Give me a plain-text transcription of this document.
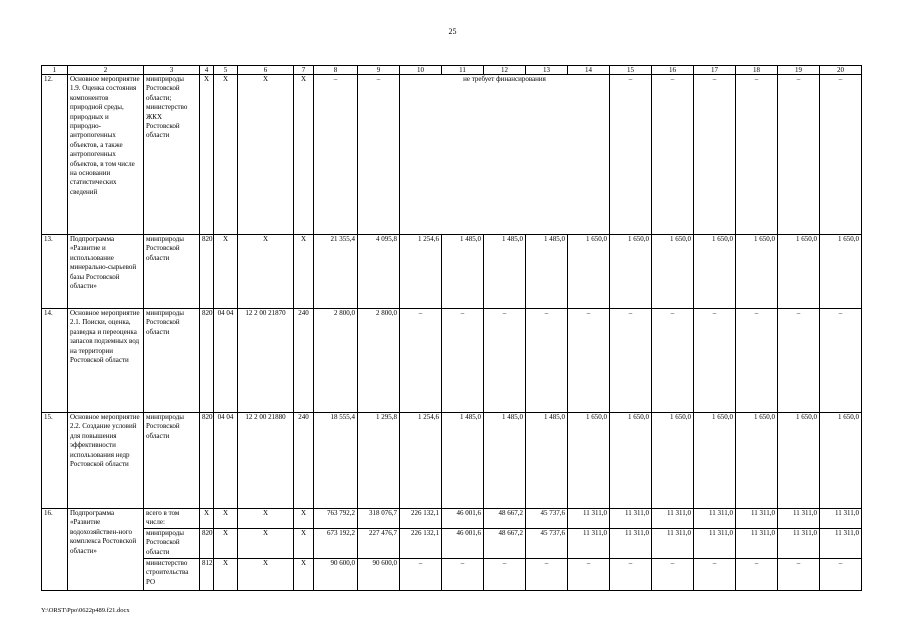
25
1	2	3	4	5	6	7	8	9	10	11	12	13	14	15	16	17	18	19	20
12.	Основное мероприятие 1.9. Оценка состояния компонентов природной среды, природных и природно-антропогенных объектов, а также антропогенных объектов, в том числе на основании статистических сведений	минприроды Ростовской области; министерство ЖКХ Ростовской области	X	X	X	X	–	–	не требует финансирования					–	–	–	–	–	–
13.	Подпрограмма «Развитие и использование минерально-сырьевой базы Ростовской области»	минприроды Ростовской области	820	X	X	X	21 355,4	4 095,8	1 254,6	1 485,0	1 485,0	1 485,0	1 650,0	1 650,0	1 650,0	1 650,0	1 650,0	1 650,0	1 650,0
14.	Основное мероприятие 2.1. Поиски, оценка, разведка и переоценка запасов подземных вод на территории Ростовской области	минприроды Ростовской области	820	04 04	12 2 00 21870	240	2 800,0	2 800,0	–	–	–	–	–	–	–	–	–	–	–
15.	Основное мероприятие 2.2. Создание условий для повышения эффективности использования недр Ростовской области	минприроды Ростовской области	820	04 04	12 2 00 21880	240	18 555,4	1 295,8	1 254,6	1 485,0	1 485,0	1 485,0	1 650,0	1 650,0	1 650,0	1 650,0	1 650,0	1 650,0	1 650,0
16.	Подпрограмма «Развитие водохозяйствен-ного комплекса Ростовской области»	всего в том числе:	X	X	X	X	763 792,2	318 076,7	226 132,1	46 001,6	48 667,2	45 737,6	11 311,0	11 311,0	11 311,0	11 311,0	11 311,0	11 311,0	11 311,0
		минприроды Ростовской области	820	X	X	X	673 192,2	227 476,7	226 132,1	46 001,6	48 667,2	45 737,6	11 311,0	11 311,0	11 311,0	11 311,0	11 311,0	11 311,0	11 311,0
		министерство строительства РО	812	X	X	X	90 600,0	90 600,0	–	–	–	–	–	–	–	–	–	–	–
Y:\ORST\Ppo\0622p489.f21.docx
